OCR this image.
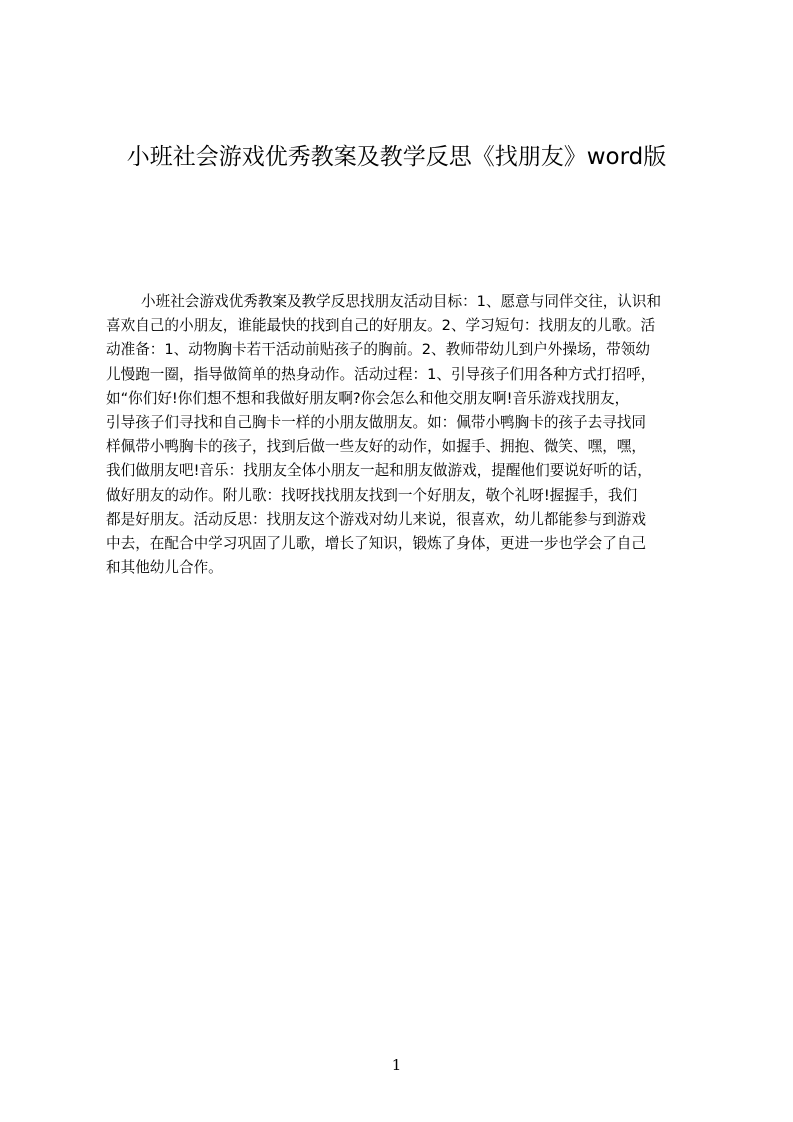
小班社会游戏优秀教案及教学反思《找朋友》word版
小班社会游戏优秀教案及教学反思找朋友活动目标：1、愿意与同伴交往，认识和
喜欢自己的小朋友，谁能最快的找到自己的好朋友。2、学习短句：找朋友的儿歌。活
动准备：1、动物胸卡若干活动前贴孩子的胸前。2、教师带幼儿到户外操场，带领幼
儿慢跑一圈，指导做简单的热身动作。活动过程：1、引导孩子们用各种方式打招呼，
如“你们好!你们想不想和我做好朋友啊?你会怎么和他交朋友啊!音乐游戏找朋友，
引导孩子们寻找和自己胸卡一样的小朋友做朋友。如：佩带小鸭胸卡的孩子去寻找同
样佩带小鸭胸卡的孩子，找到后做一些友好的动作，如握手、拥抱、微笑、嘿，嘿，
我们做朋友吧!音乐：找朋友全体小朋友一起和朋友做游戏，提醒他们要说好听的话，
做好朋友的动作。附儿歌：找呀找找朋友找到一个好朋友，敬个礼呀!握握手，我们
都是好朋友。活动反思：找朋友这个游戏对幼儿来说，很喜欢，幼儿都能参与到游戏
中去，在配合中学习巩固了儿歌，增长了知识，锻炼了身体，更进一步也学会了自己
和其他幼儿合作。
1
